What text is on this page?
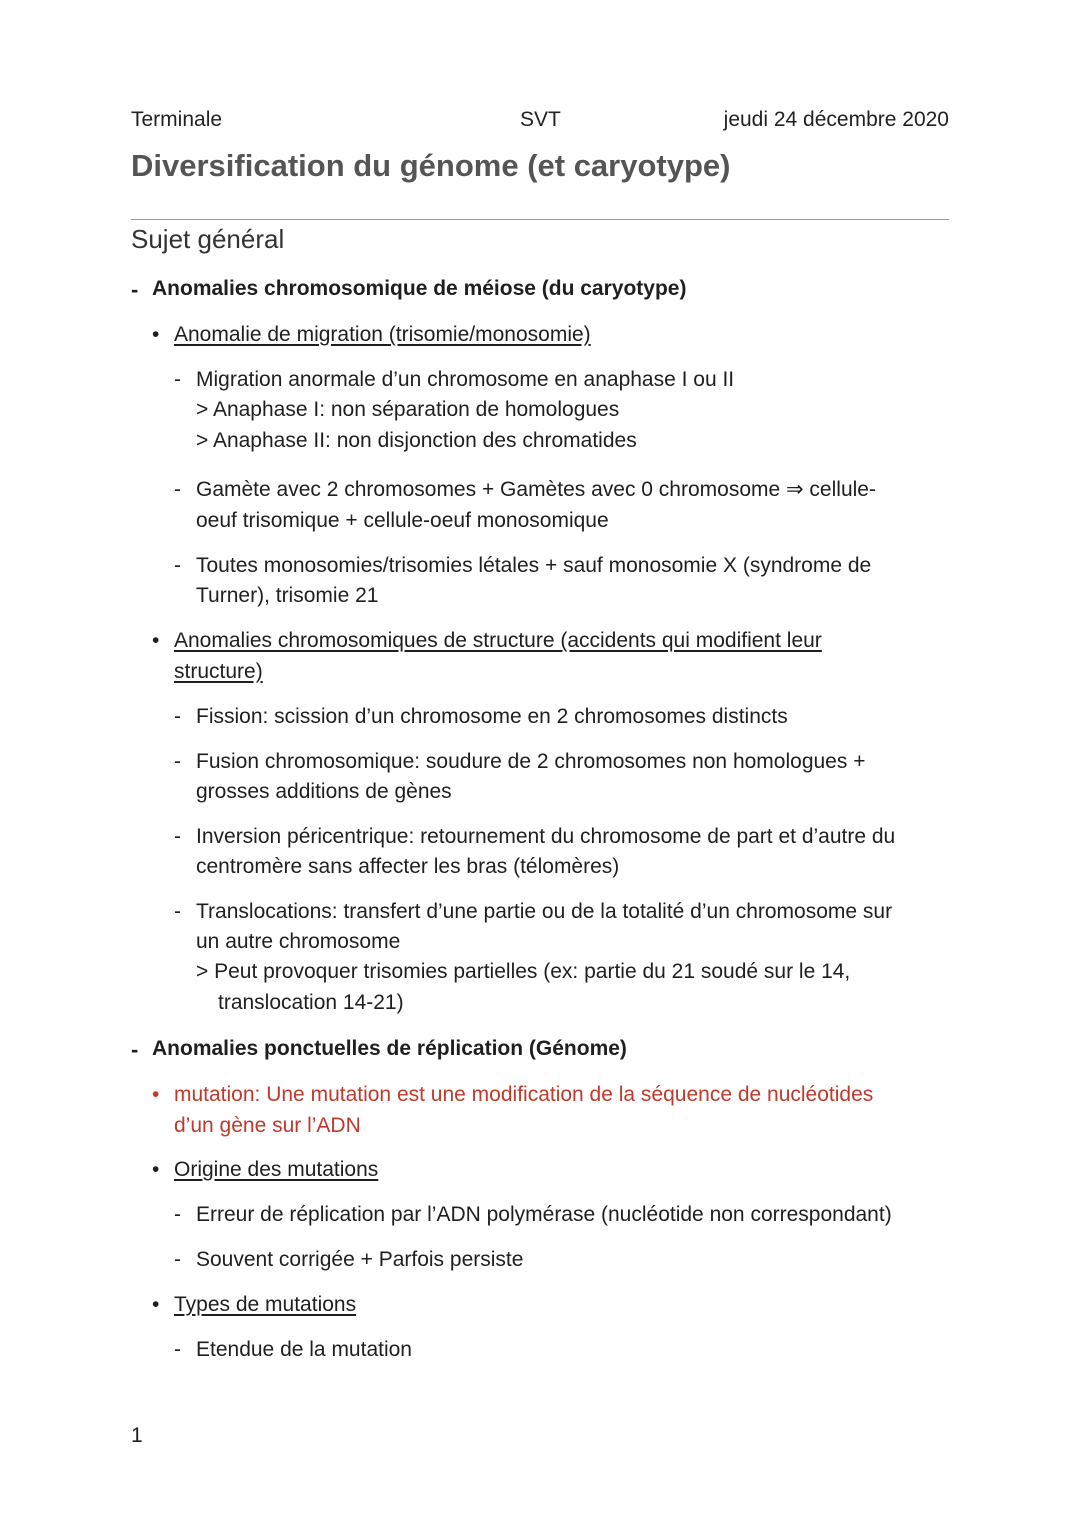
Terminale	SVT	jeudi 24 décembre 2020
Diversification du génome (et caryotype)
Sujet général
- Anomalies chromosomique de méiose (du caryotype)
• Anomalie de migration (trisomie/monosomie)
- Migration anormale d’un chromosome en anaphase I ou II
> Anaphase I: non séparation de homologues
> Anaphase II: non disjonction des chromatides
- Gamète avec 2 chromosomes + Gamètes avec 0 chromosome ⇒ cellule-
oeuf trisomique + cellule-oeuf monosomique
- Toutes monosomies/trisomies létales + sauf monosomie X (syndrome de
Turner), trisomie 21
• Anomalies chromosomiques de structure (accidents qui modifient leur
structure)
- Fission: scission d’un chromosome en 2 chromosomes distincts
- Fusion chromosomique: soudure de 2 chromosomes non homologues +
grosses additions de gènes
- Inversion péricentrique: retournement du chromosome de part et d’autre du
centromère sans affecter les bras (télomères)
- Translocations: transfert d’une partie ou de la totalité d’un chromosome sur
un autre chromosome
> Peut provoquer trisomies partielles (ex: partie du 21 soudé sur le 14,
translocation 14-21)
- Anomalies ponctuelles de réplication (Génome)
• mutation: Une mutation est une modification de la séquence de nucléotides
d’un gène sur l’ADN
• Origine des mutations
- Erreur de réplication par l’ADN polymérase (nucléotide non correspondant)
- Souvent corrigée + Parfois persiste
• Types de mutations
- Etendue de la mutation
1
